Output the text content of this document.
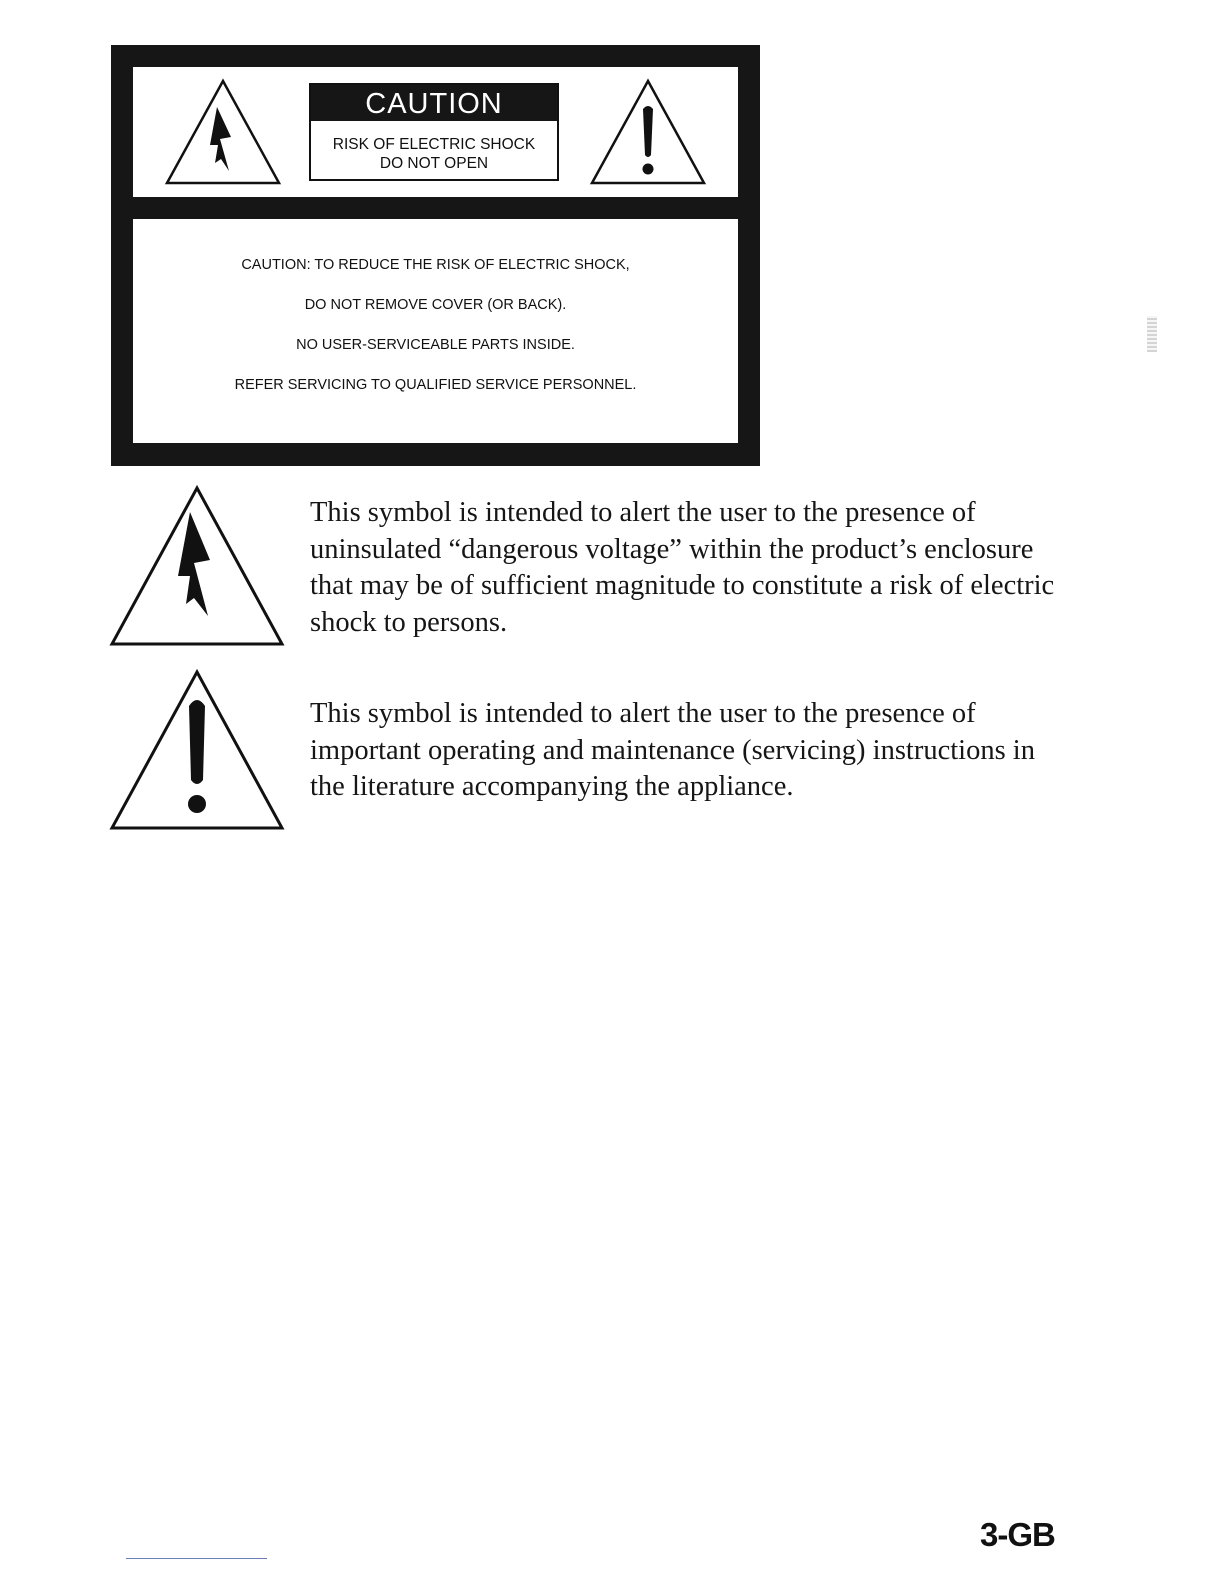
CAUTION
RISK OF ELECTRIC SHOCK
DO NOT OPEN
CAUTION: TO REDUCE THE RISK OF ELECTRIC SHOCK,
DO NOT REMOVE COVER (OR BACK).
NO USER-SERVICEABLE PARTS INSIDE.
REFER SERVICING TO QUALIFIED SERVICE PERSONNEL.
This symbol is intended to alert the user to the presence of
uninsulated “dangerous voltage” within the product’s enclosure
that may be of sufficient magnitude to constitute a risk of electric
shock to persons.
This symbol is intended to alert the user to the presence of
important operating and maintenance (servicing) instructions in
the literature accompanying the appliance.
3-GB
